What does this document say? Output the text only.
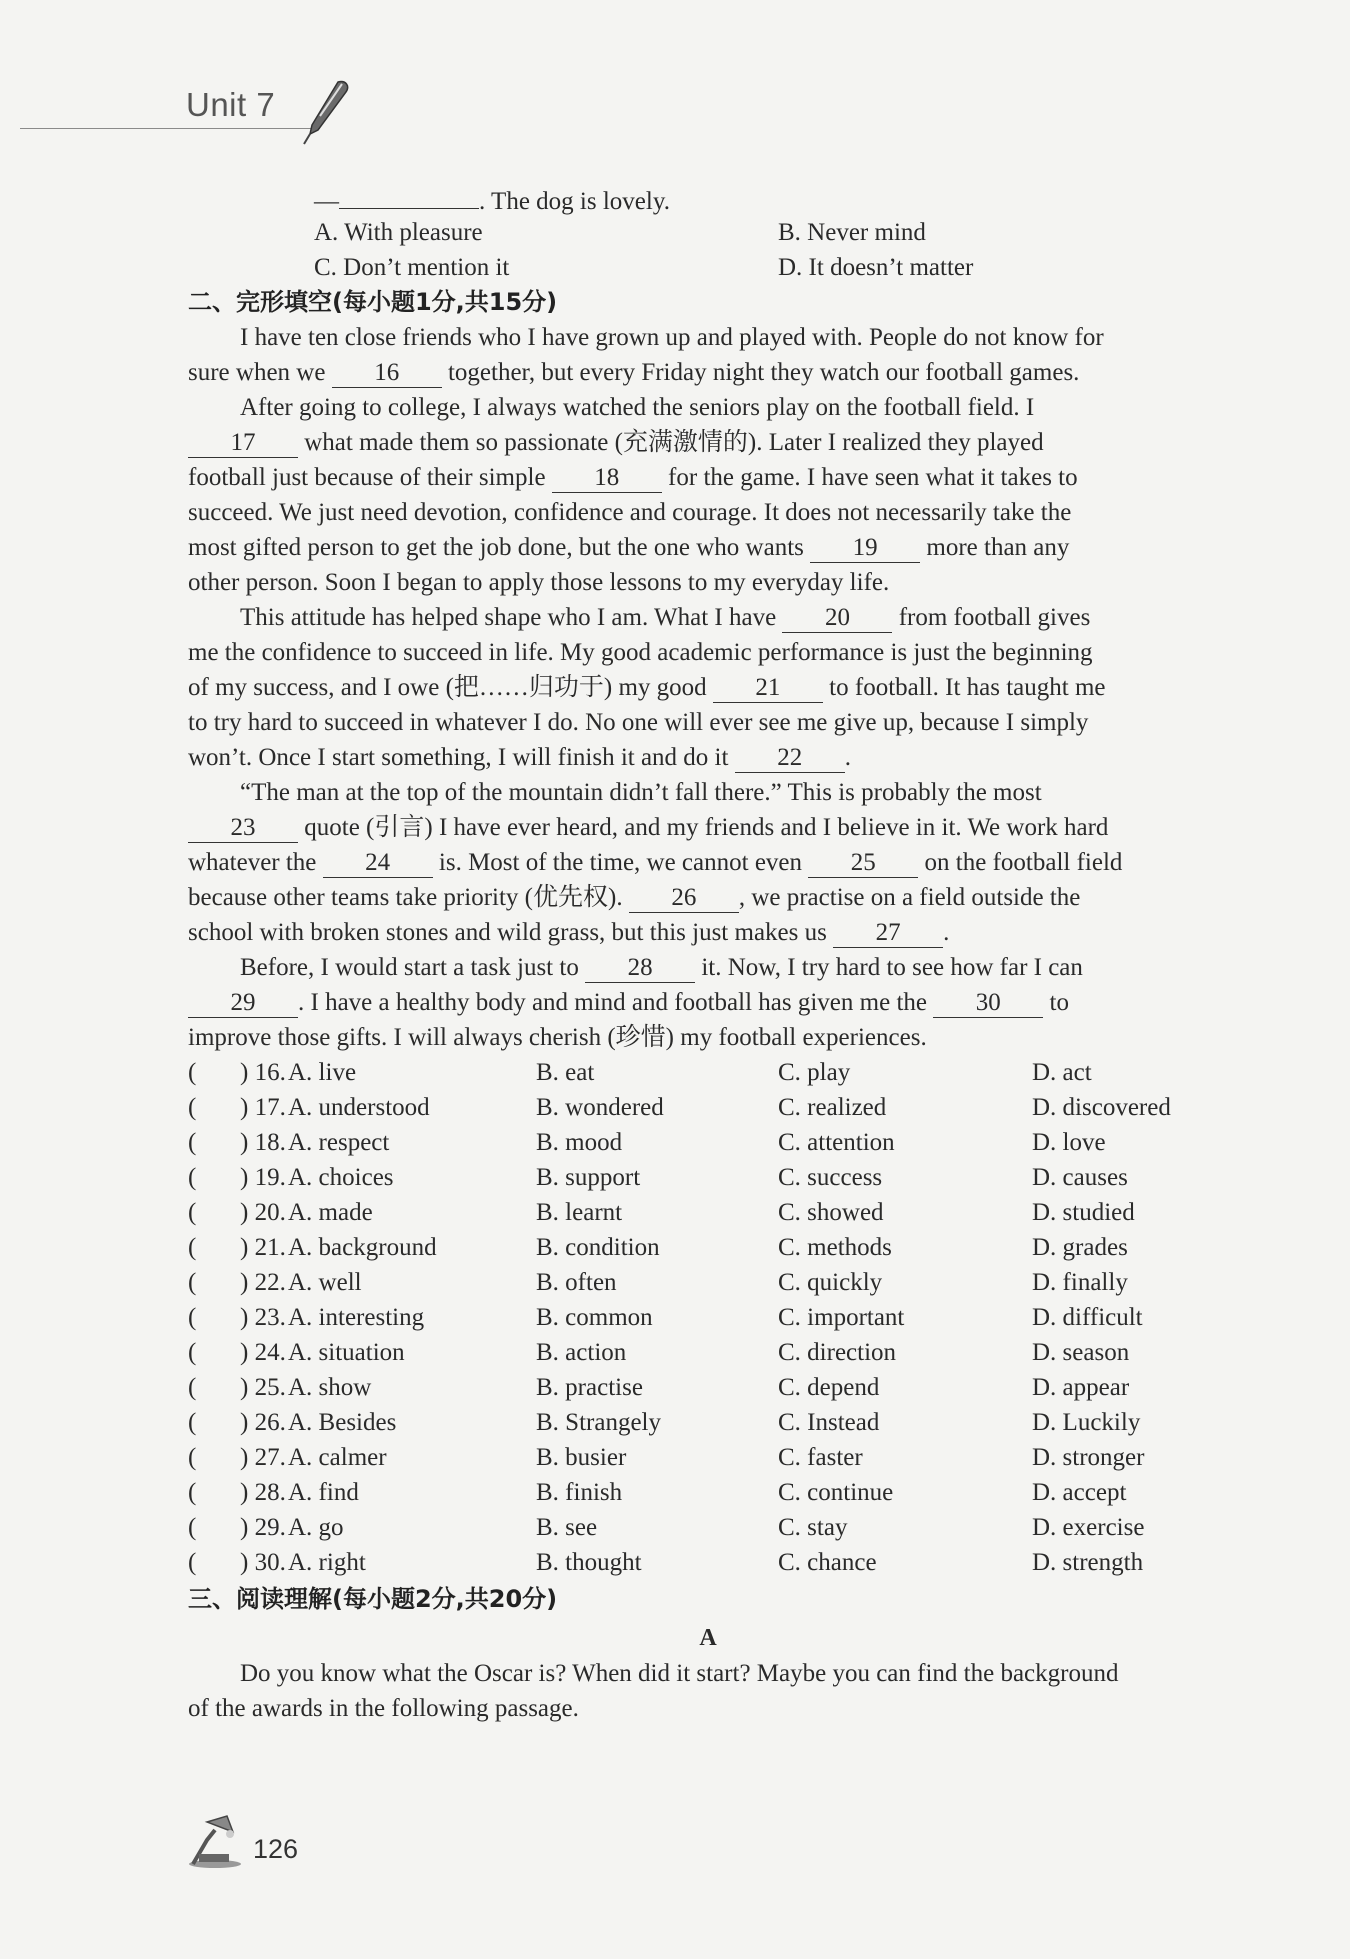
Unit 7
—	. The dog is lovely.
A. With pleasure	B. Never mind
C. Don’t mention it	D. It doesn’t matter
二、完形填空(每小题1分,共15分)
I have ten close friends who I have grown up and played with. People do not know for
sure when we 16 together, but every Friday night they watch our football games.
After going to college, I always watched the seniors play on the football field. I
17 what made them so passionate (充满激情的). Later I realized they played
football just because of their simple 18 for the game. I have seen what it takes to
succeed. We just need devotion, confidence and courage. It does not necessarily take the
most gifted person to get the job done, but the one who wants 19 more than any
other person. Soon I began to apply those lessons to my everyday life.
This attitude has helped shape who I am. What I have 20 from football gives
me the confidence to succeed in life. My good academic performance is just the beginning
of my success, and I owe (把……归功于) my good 21 to football. It has taught me
to try hard to succeed in whatever I do. No one will ever see me give up, because I simply
won’t. Once I start something, I will finish it and do it 22 .
“The man at the top of the mountain didn’t fall there.” This is probably the most
23 quote (引言) I have ever heard, and my friends and I believe in it. We work hard
whatever the 24 is. Most of the time, we cannot even 25 on the football field
because other teams take priority (优先权). 26 , we practise on a field outside the
school with broken stones and wild grass, but this just makes us 27 .
Before, I would start a task just to 28 it. Now, I try hard to see how far I can
29 . I have a healthy body and mind and football has given me the 30 to
improve those gifts. I will always cherish (珍惜) my football experiences.
( ) 16. A. live	B. eat	C. play	D. act
( ) 17. A. understood	B. wondered	C. realized	D. discovered
( ) 18. A. respect	B. mood	C. attention	D. love
( ) 19. A. choices	B. support	C. success	D. causes
( ) 20. A. made	B. learnt	C. showed	D. studied
( ) 21. A. background	B. condition	C. methods	D. grades
( ) 22. A. well	B. often	C. quickly	D. finally
( ) 23. A. interesting	B. common	C. important	D. difficult
( ) 24. A. situation	B. action	C. direction	D. season
( ) 25. A. show	B. practise	C. depend	D. appear
( ) 26. A. Besides	B. Strangely	C. Instead	D. Luckily
( ) 27. A. calmer	B. busier	C. faster	D. stronger
( ) 28. A. find	B. finish	C. continue	D. accept
( ) 29. A. go	B. see	C. stay	D. exercise
( ) 30. A. right	B. thought	C. chance	D. strength
三、阅读理解(每小题2分,共20分)
A
Do you know what the Oscar is? When did it start? Maybe you can find the background
of the awards in the following passage.
126
